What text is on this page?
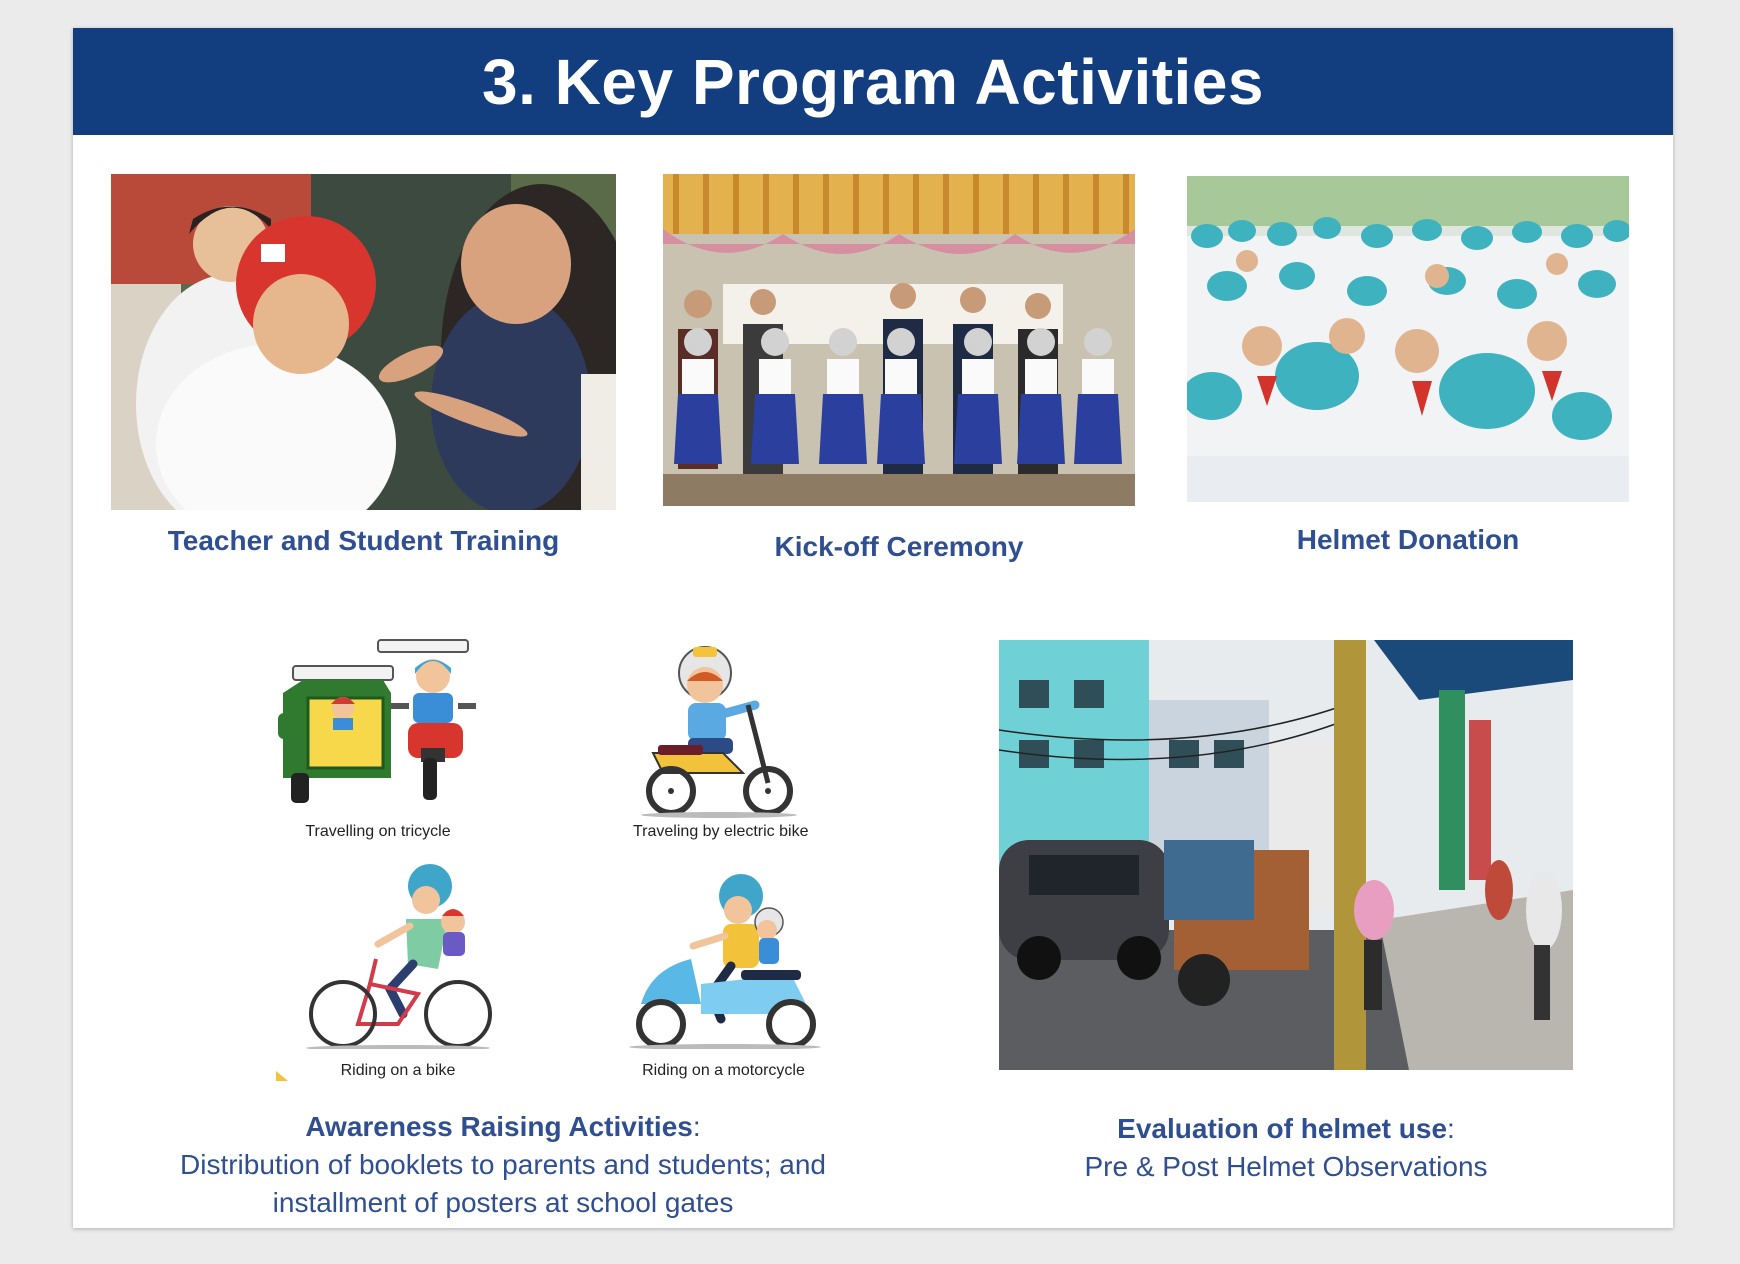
3. Key Program Activities
Teacher and Student Training	Kick-off Ceremony	Helmet Donation
Travelling on tricycle	Traveling by electric bike
Riding on a bike	Riding on a motorcycle
Awareness Raising Activities:
Distribution of booklets to parents and students; and
installment of posters at school gates
Evaluation of helmet use:
Pre & Post Helmet Observations
